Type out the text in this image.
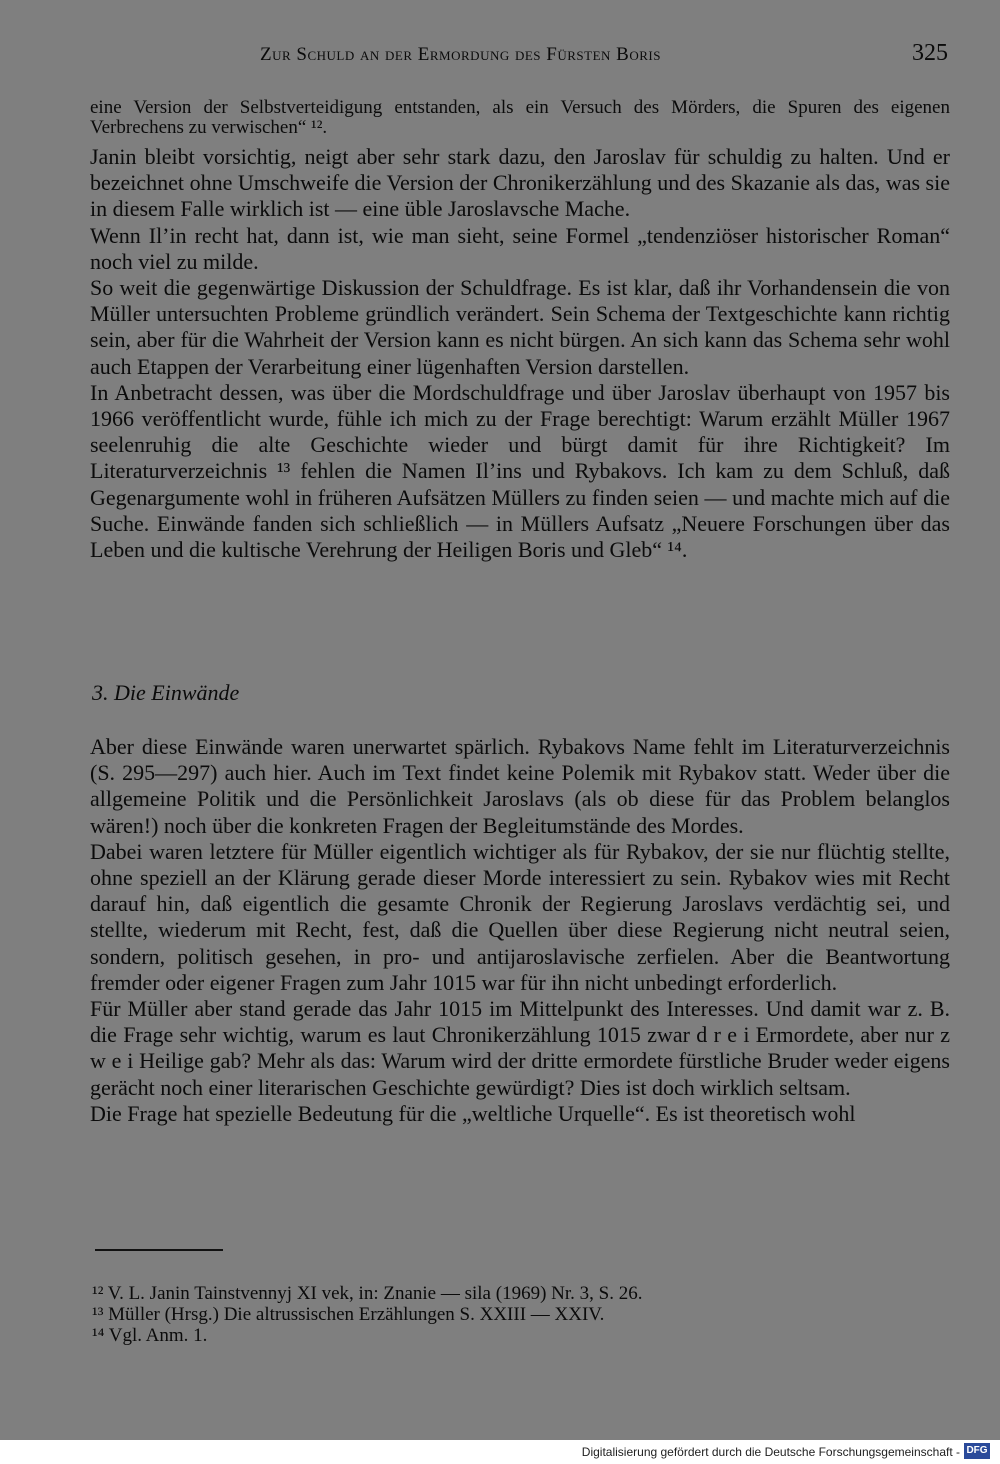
Zur Schuld an der Ermordung des Fürsten Boris	325

eine Version der Selbstverteidigung entstanden, als ein Versuch des Mörders, die Spuren des eigenen Verbrechens zu verwischen“ ¹².

Janin bleibt vorsichtig, neigt aber sehr stark dazu, den Jaroslav für schuldig zu halten. Und er bezeichnet ohne Umschweife die Version der Chronikerzählung und des Skazanie als das, was sie in diesem Falle wirklich ist — eine üble Jaroslavsche Mache.

Wenn Il’in recht hat, dann ist, wie man sieht, seine Formel „tendenziöser historischer Roman“ noch viel zu milde.

So weit die gegenwärtige Diskussion der Schuldfrage. Es ist klar, daß ihr Vorhandensein die von Müller untersuchten Probleme gründlich verändert. Sein Schema der Textgeschichte kann richtig sein, aber für die Wahrheit der Version kann es nicht bürgen. An sich kann das Schema sehr wohl auch Etappen der Verarbeitung einer lügenhaften Version darstellen.

In Anbetracht dessen, was über die Mordschuldfrage und über Jaroslav überhaupt von 1957 bis 1966 veröffentlicht wurde, fühle ich mich zu der Frage berechtigt: Warum erzählt Müller 1967 seelenruhig die alte Geschichte wieder und bürgt damit für ihre Richtigkeit? Im Literaturverzeichnis ¹³ fehlen die Namen Il’ins und Rybakovs. Ich kam zu dem Schluß, daß Gegenargumente wohl in früheren Aufsätzen Müllers zu finden seien — und machte mich auf die Suche. Einwände fanden sich schließlich — in Müllers Aufsatz „Neuere Forschungen über das Leben und die kultische Verehrung der Heiligen Boris und Gleb“ ¹⁴.

3. Die Einwände

Aber diese Einwände waren unerwartet spärlich. Rybakovs Name fehlt im Literaturverzeichnis (S. 295—297) auch hier. Auch im Text findet keine Polemik mit Rybakov statt. Weder über die allgemeine Politik und die Persönlichkeit Jaroslavs (als ob diese für das Problem belanglos wären!) noch über die konkreten Fragen der Begleitumstände des Mordes.

Dabei waren letztere für Müller eigentlich wichtiger als für Rybakov, der sie nur flüchtig stellte, ohne speziell an der Klärung gerade dieser Morde interessiert zu sein. Rybakov wies mit Recht darauf hin, daß eigentlich die gesamte Chronik der Regierung Jaroslavs verdächtig sei, und stellte, wiederum mit Recht, fest, daß die Quellen über diese Regierung nicht neutral seien, sondern, politisch gesehen, in pro- und antijaroslavische zerfielen. Aber die Beantwortung fremder oder eigener Fragen zum Jahr 1015 war für ihn nicht unbedingt erforderlich.

Für Müller aber stand gerade das Jahr 1015 im Mittelpunkt des Interesses. Und damit war z. B. die Frage sehr wichtig, warum es laut Chronikerzählung 1015 zwar d r e i Ermordete, aber nur z w e i Heilige gab? Mehr als das: Warum wird der dritte ermordete fürstliche Bruder weder eigens gerächt noch einer literarischen Geschichte gewürdigt? Dies ist doch wirklich seltsam.

Die Frage hat spezielle Bedeutung für die „weltliche Urquelle“. Es ist theoretisch wohl

¹² V. L. Janin Tainstvennyj XI vek, in: Znanie — sila (1969) Nr. 3, S. 26.
¹³ Müller (Hrsg.) Die altrussischen Erzählungen S. XXIII — XXIV.
¹⁴ Vgl. Anm. 1.
Digitalisierung gefördert durch die Deutsche Forschungsgemeinschaft - DFG
